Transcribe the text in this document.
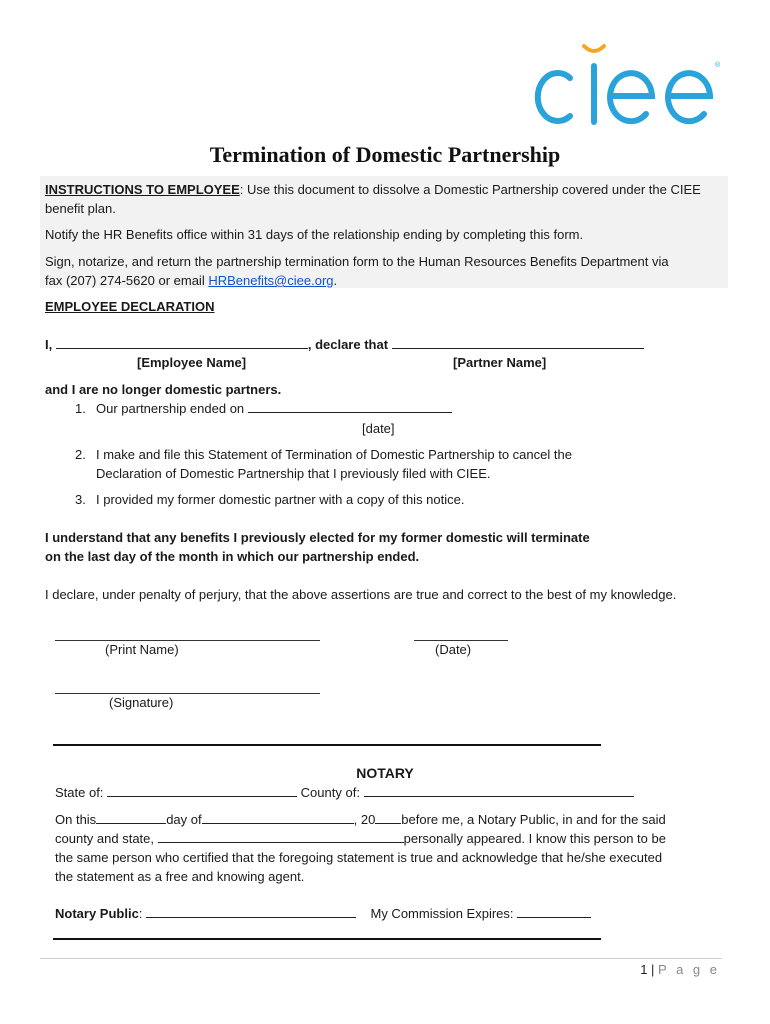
®
Termination of Domestic Partnership
INSTRUCTIONS TO EMPLOYEE: Use this document to dissolve a Domestic Partnership covered under the CIEE
benefit plan.
Notify the HR Benefits office within 31 days of the relationship ending by completing this form.
Sign, notarize, and return the partnership termination form to the Human Resources Benefits Department via
fax (207) 274-5620 or email HRBenefits@ciee.org.
EMPLOYEE DECLARATION
I,	, declare that
[Employee Name]	[Partner Name]
and I are no longer domestic partners.
1. Our partnership ended on
[date]
2. I make and file this Statement of Termination of Domestic Partnership to cancel the
Declaration of Domestic Partnership that I previously filed with CIEE.
3. I provided my former domestic partner with a copy of this notice.
I understand that any benefits I previously elected for my former domestic will terminate
on the last day of the month in which our partnership ended.
I declare, under penalty of perjury, that the above assertions are true and correct to the best of my knowledge.
(Print Name)	(Date)
(Signature)
NOTARY
State of:	County of:
On this	day of	, 20 before me, a Notary Public, in and for the said
county and state,	personally appeared. I know this person to be
the same person who certified that the foregoing statement is true and acknowledge that he/she executed
the statement as a free and knowing agent.
Notary Public:	My Commission Expires:
1 | P a g e
